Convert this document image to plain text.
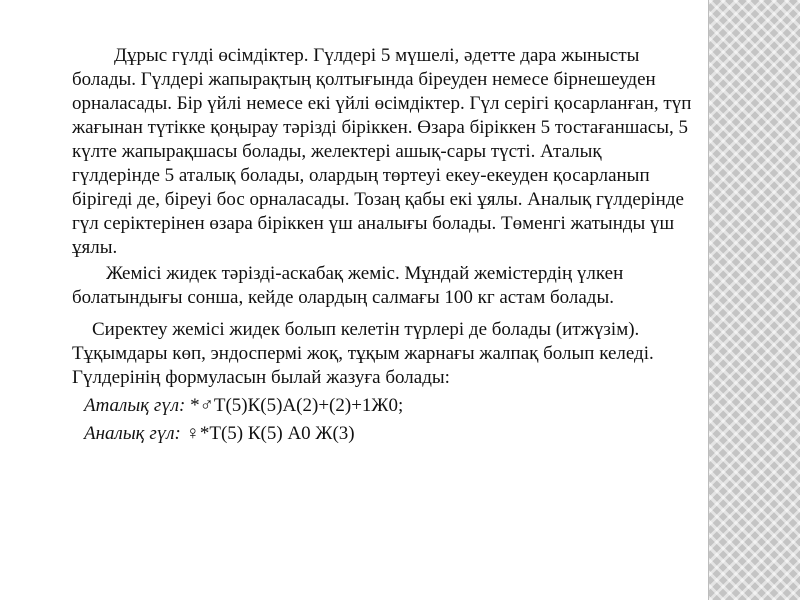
Дұрыс гүлді өсімдіктер. Гүлдері 5 мүшелі, әдетте дара жынысты болады. Гүлдері жапырақтың қолтығында біреуден немесе бірнешеуден орналасады. Бір үйлі немесе екі үйлі өсімдіктер. Гүл серігі қосарланған, түп жағынан түтікке қоңырау тәрізді біріккен. Өзара біріккен 5 тостағаншасы, 5 күлте жапырақшасы болады, желектері ашық-сары түсті. Аталық гүлдерінде 5 аталық болады, олардың төртеуі екеу-екеуден қосарланып бірігеді де, біреуі бос орналасады. Тозаң қабы екі ұялы. Аналық гүлдерінде гүл серіктерінен өзара біріккен үш аналығы болады. Төменгі жатынды үш ұялы.

Жемісі жидек тәрізді-аскабақ жеміс. Мұндай жемістердің үлкен болатындығы сонша, кейде олардың салмағы 100 кг астам болады.

Сиректеу жемісі жидек болып келетін түрлері де болады (итжүзім). Тұқымдары көп, эндоспермі жоқ, тұқым жарнағы жалпақ болып келеді. Гүлдерінің формуласын былай жазуға болады:

Аталық гүл: *♂Т(5)К(5)А(2)+(2)+1Ж0;

Аналық гүл: ♀*Т(5) К(5) А0 Ж(3)
